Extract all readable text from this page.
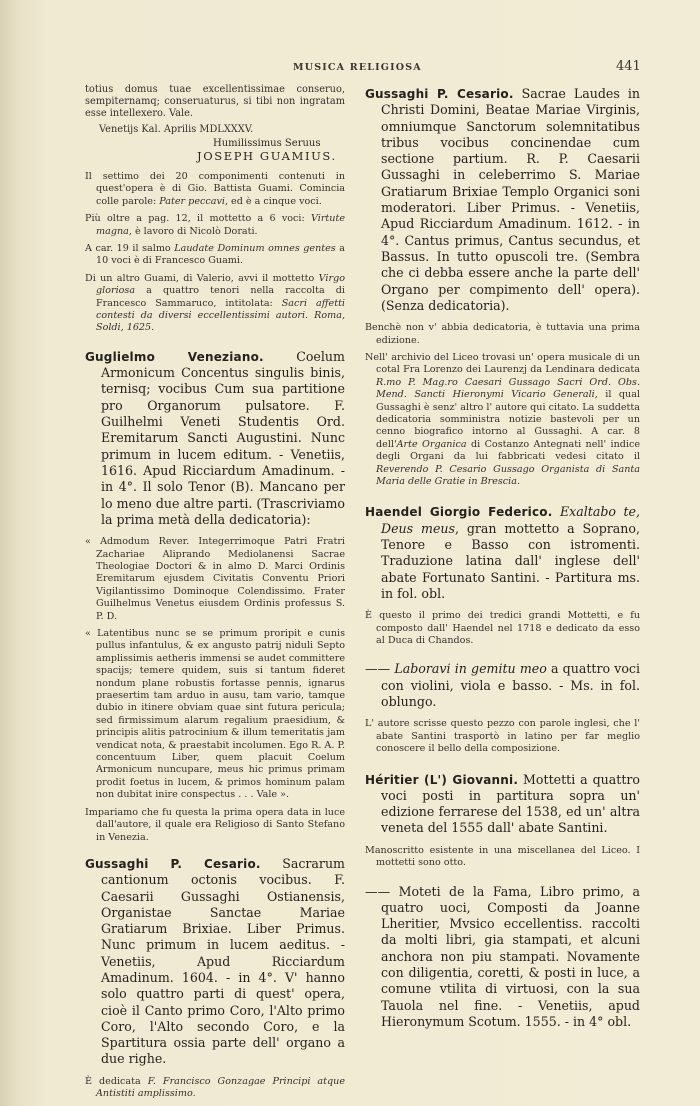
MUSICA RELIGIOSA	441

totius domus tuae excellentissimae conseruo, sempiternamq; conseruaturus, si tibi non ingratam esse intellexero. Vale.

Venetijs Kal. Aprilis MDLXXXV.

Humilissimus Seruus
JOSEPH GUAMIUS.

Il settimo dei 20 componimenti contenuti in quest'opera è di Gio. Battista Guami. Comincia colle parole: Pater peccavi, ed è a cinque voci.

Più oltre a pag. 12, il mottetto a 6 voci: Virtute magna, è lavoro di Nicolò Dorati.

A car. 19 il salmo Laudate Dominum omnes gentes a 10 voci è di Francesco Guami.

Di un altro Guami, di Valerio, avvi il mottetto Virgo gloriosa a quattro tenori nella raccolta di Francesco Sammaruco, intitolata: Sacri affetti contesti da diversi eccellentissimi autori. Roma, Soldi, 1625.

Guglielmo Veneziano.	Coelum Armonicum Concentus singulis binis, ternisq; vocibus Cum sua partitione pro Organorum pulsatore. F. Guilhelmi Veneti Studentis Ord. Eremitarum Sancti Augustini. Nunc primum in lucem editum. - Venetiis, 1616. Apud Ricciardum Amadinum. - in 4°. Il solo Tenor (B). Mancano per lo meno due altre parti. (Trascriviamo la prima metà della dedicatoria):

« Admodum Rever. Integerrimoque Patri Fratri Zachariae Aliprando Mediolanensi Sacrae Theologiae Doctori & in almo D. Marci Ordinis Eremitarum ejusdem Civitatis Conventu Priori Vigilantissimo Dominoque Colendissimo. Frater Guilhelmus Venetus eiusdem Ordinis professus S. P. D.

« Latentibus nunc se se primum proripit e cunis pullus infantulus, & ex angusto patrij niduli Septo amplissimis aetheris immensi se audet committere spacijs; temere quidem, suis si tantum fideret nondum plane robustis fortasse pennis, ignarus praesertim tam arduo in ausu, tam vario, tamque dubio in itinere obviam quae sint futura pericula; sed firmissimum alarum regalium praesidium, & principis alitis patrocinium & illum temeritatis jam vendicat nota, & praestabit incolumen. Ego R. A. P. concentuum Liber, quem placuit Coelum Armonicum nuncupare, meus hic primus primam prodit foetus in lucem, & primos hominum palam non dubitat inire conspectus . . . Vale ».

Impariamo che fu questa la prima opera data in luce dall'autore, il quale era Religioso di Santo Stefano in Venezia.

Gussaghi P. Cesario. Sacrarum cantionum octonis vocibus. F. Caesarii Gussaghi Ostianensis, Organistae Sanctae Mariae Gratiarum Brixiae. Liber Primus. Nunc primum in lucem aeditus. - Venetiis, Apud Ricciardum Amadinum. 1604. - in 4°. V' hanno solo quattro parti di quest' opera, cioè il Canto primo Coro, l'Alto primo Coro, l'Alto secondo Coro, e la Spartitura ossia parte dell' organo a due righe.

È dedicata F. Francisco Gonzagae Principi atque Antistiti amplissimo.

Gussaghi P. Cesario. Sacrae Laudes in Christi Domini, Beatae Mariae Virginis, omniumque Sanctorum solemnitatibus tribus vocibus concinendae cum sectione partium. R. P. Caesarii Gussaghi in celeberrimo S. Mariae Gratiarum Brixiae Templo Organici soni moderatori. Liber Primus. - Venetiis, Apud Ricciardum Amadinum. 1612. - in 4°. Cantus primus, Cantus secundus, et Bassus. In tutto opuscoli tre. (Sembra che ci debba essere anche la parte dell' Organo per compimento dell' opera). (Senza dedicatoria).

Benchè non v' abbia dedicatoria, è tuttavia una prima edizione.

Nell' archivio del Liceo trovasi un' opera musicale di un cotal Fra Lorenzo dei Laurenzj da Lendinara dedicata R.mo P. Mag.ro Caesari Gussago Sacri Ord. Obs. Mend. Sancti Hieronymi Vicario Generali, il qual Gussaghi è senz' altro l' autore qui citato. La suddetta dedicatoria somministra notizie bastevoli per un cenno biografico intorno al Gussaghi. A car. 8 dell'Arte Organica di Costanzo Antegnati nell' indice degli Organi da lui fabbricati vedesi citato il Reverendo P. Cesario Gussago Organista di Santa Maria delle Gratie in Brescia.

Haendel Giorgio Federico. Exaltabo te, Deus meus, gran mottetto a Soprano, Tenore e Basso con istromenti. Traduzione latina dall' inglese dell' abate Fortunato Santini. - Partitura ms. in fol. obl.

È questo il primo dei tredici grandi Mottetti, e fu composto dall' Haendel nel 1718 e dedicato da esso al Duca di Chandos.

—— Laboravi in gemitu meo a quattro voci con violini, viola e basso. - Ms. in fol. oblungo.

L' autore scrisse questo pezzo con parole inglesi, che l' abate Santini trasportò in latino per far meglio conoscere il bello della composizione.

Héritier (L') Giovanni. Mottetti a quattro voci posti in partitura sopra un' edizione ferrarese del 1538, ed un' altra veneta del 1555 dall' abate Santini.

Manoscritto esistente in una miscellanea del Liceo. I mottetti sono otto.

—— Moteti de la Fama, Libro primo, a quatro uoci, Composti da Joanne Lheritier, Mvsico eccellentiss. raccolti da molti libri, gia stampati, et alcuni anchora non piu stampati. Novamente con diligentia, coretti, & posti in luce, a comune vtilita di virtuosi, con la sua Tauola nel fine. - Venetiis, apud Hieronymum Scotum. 1555. - in 4° obl.
